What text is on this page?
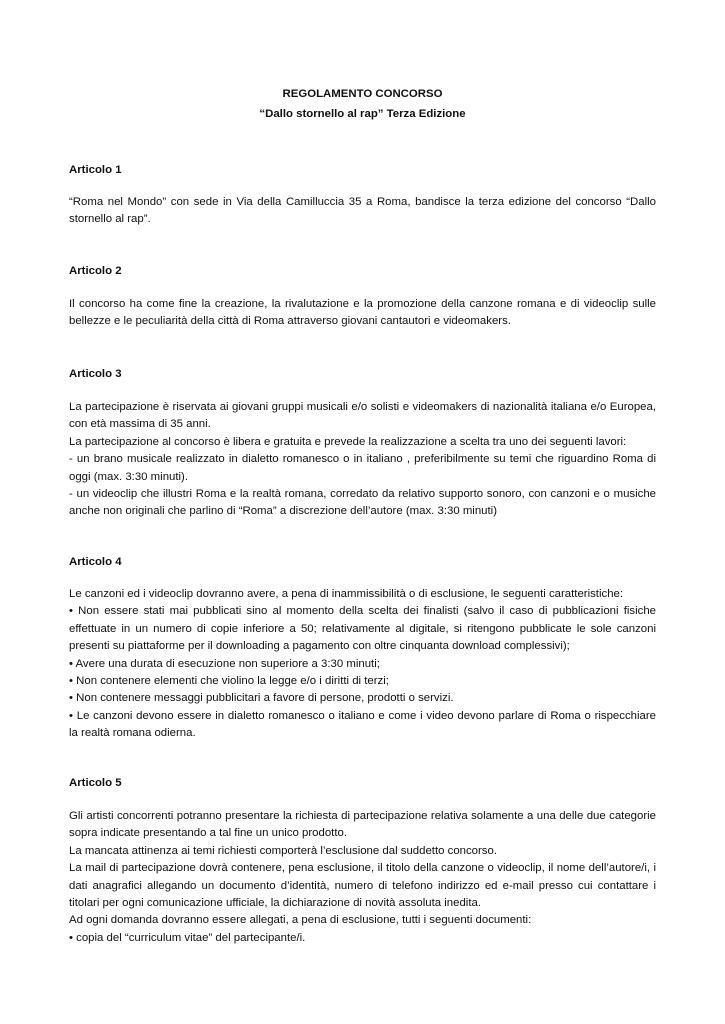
REGOLAMENTO CONCORSO
“Dallo stornello al rap” Terza Edizione
Articolo 1

“Roma nel Mondo” con sede in Via della Camilluccia 35 a Roma, bandisce la terza edizione del concorso “Dallo stornello al rap”.

Articolo 2

Il concorso ha come fine la creazione, la rivalutazione e la promozione della canzone romana e di videoclip sulle bellezze e le peculiarità della città di Roma attraverso giovani cantautori e videomakers.

Articolo 3

La partecipazione è riservata ai giovani gruppi musicali e/o solisti e videomakers di nazionalità italiana e/o Europea, con età massima di 35 anni.

La partecipazione al concorso è libera e gratuita e prevede la realizzazione a scelta tra uno dei seguenti lavori:

- un brano musicale realizzato in dialetto romanesco o in italiano , preferibilmente su temi che riguardino Roma di oggi (max. 3:30 minuti).

- un videoclip che illustri Roma e la realtà romana, corredato da relativo supporto sonoro, con canzoni e o musiche anche non originali che parlino di “Roma” a discrezione dell’autore (max. 3:30 minuti)

Articolo 4

Le canzoni ed i videoclip dovranno avere, a pena di inammissibilità o di esclusione, le seguenti caratteristiche:

• Non essere stati mai pubblicati sino al momento della scelta dei finalisti (salvo il caso di pubblicazioni fisiche effettuate in un numero di copie inferiore a 50; relativamente al digitale, si ritengono pubblicate le sole canzoni presenti su piattaforme per il downloading a pagamento con oltre cinquanta download complessivi);

• Avere una durata di esecuzione non superiore a 3:30 minuti;

• Non contenere elementi che violino la legge e/o i diritti di terzi;

• Non contenere messaggi pubblicitari a favore di persone, prodotti o servizi.

• Le canzoni devono essere in dialetto romanesco o italiano e come i video devono parlare di Roma o rispecchiare la realtà romana odierna.

Articolo 5

Gli artisti concorrenti potranno presentare la richiesta di partecipazione relativa solamente a una delle due categorie sopra indicate presentando a tal fine un unico prodotto.

La mancata attinenza ai temi richiesti comporterà l’esclusione dal suddetto concorso.

La mail di partecipazione dovrà contenere, pena esclusione, il titolo della canzone o videoclip, il nome dell’autore/i, i dati anagrafici allegando un documento d’identità, numero di telefono indirizzo ed e-mail presso cui contattare i titolari per ogni comunicazione ufficiale, la dichiarazione di novità assoluta inedita.

Ad ogni domanda dovranno essere allegati, a pena di esclusione, tutti i seguenti documenti:

• copia del “curriculum vitae” del partecipante/i.
